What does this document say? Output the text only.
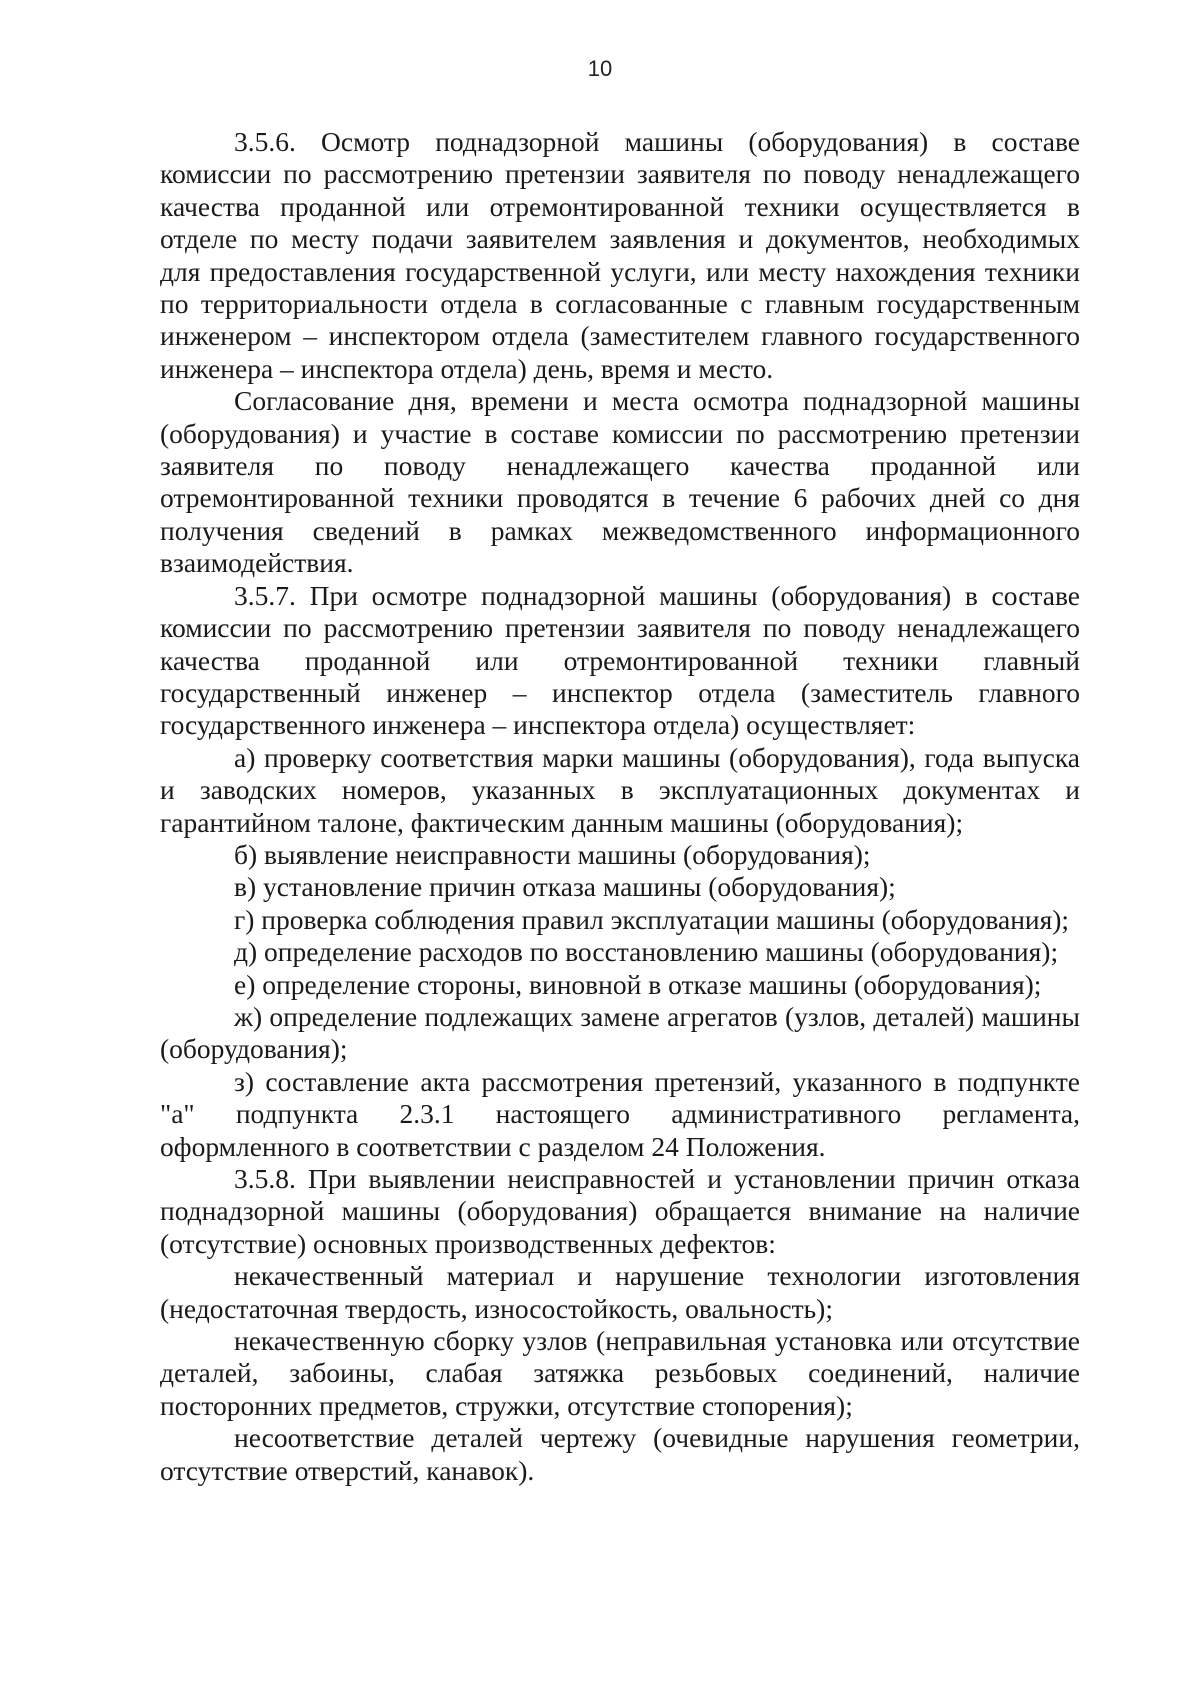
10

3.5.6. Осмотр поднадзорной машины (оборудования) в составе комиссии по рассмотрению претензии заявителя по поводу ненадлежащего качества проданной или отремонтированной техники осуществляется в отделе по месту подачи заявителем заявления и документов, необходимых для предоставления государственной услуги, или месту нахождения техники по территориальности отдела в согласованные с главным государственным инженером – инспектором отдела (заместителем главного государственного инженера – инспектора отдела) день, время и место.

Согласование дня, времени и места осмотра поднадзорной машины (оборудования) и участие в составе комиссии по рассмотрению претензии заявителя по поводу ненадлежащего качества проданной или отремонтированной техники проводятся в течение 6 рабочих дней со дня получения сведений в рамках межведомственного информационного взаимодействия.

3.5.7. При осмотре поднадзорной машины (оборудования) в составе комиссии по рассмотрению претензии заявителя по поводу ненадлежащего качества проданной или отремонтированной техники главный государственный инженер – инспектор отдела (заместитель главного государственного инженера – инспектора отдела) осуществляет:

а) проверку соответствия марки машины (оборудования), года выпуска и заводских номеров, указанных в эксплуатационных документах и гарантийном талоне, фактическим данным машины (оборудования);

б) выявление неисправности машины (оборудования);

в) установление причин отказа машины (оборудования);

г) проверка соблюдения правил эксплуатации машины (оборудования);

д) определение расходов по восстановлению машины (оборудования);

е) определение стороны, виновной в отказе машины (оборудования);

ж) определение подлежащих замене агрегатов (узлов, деталей) машины (оборудования);

з) составление акта рассмотрения претензий, указанного в подпункте "а" подпункта 2.3.1 настоящего административного регламента, оформленного в соответствии с разделом 24 Положения.

3.5.8. При выявлении неисправностей и установлении причин отказа поднадзорной машины (оборудования) обращается внимание на наличие (отсутствие) основных производственных дефектов:

некачественный материал и нарушение технологии изготовления (недостаточная твердость, износостойкость, овальность);

некачественную сборку узлов (неправильная установка или отсутствие деталей, забоины, слабая затяжка резьбовых соединений, наличие посторонних предметов, стружки, отсутствие стопорения);

несоответствие деталей чертежу (очевидные нарушения геометрии, отсутствие отверстий, канавок).
